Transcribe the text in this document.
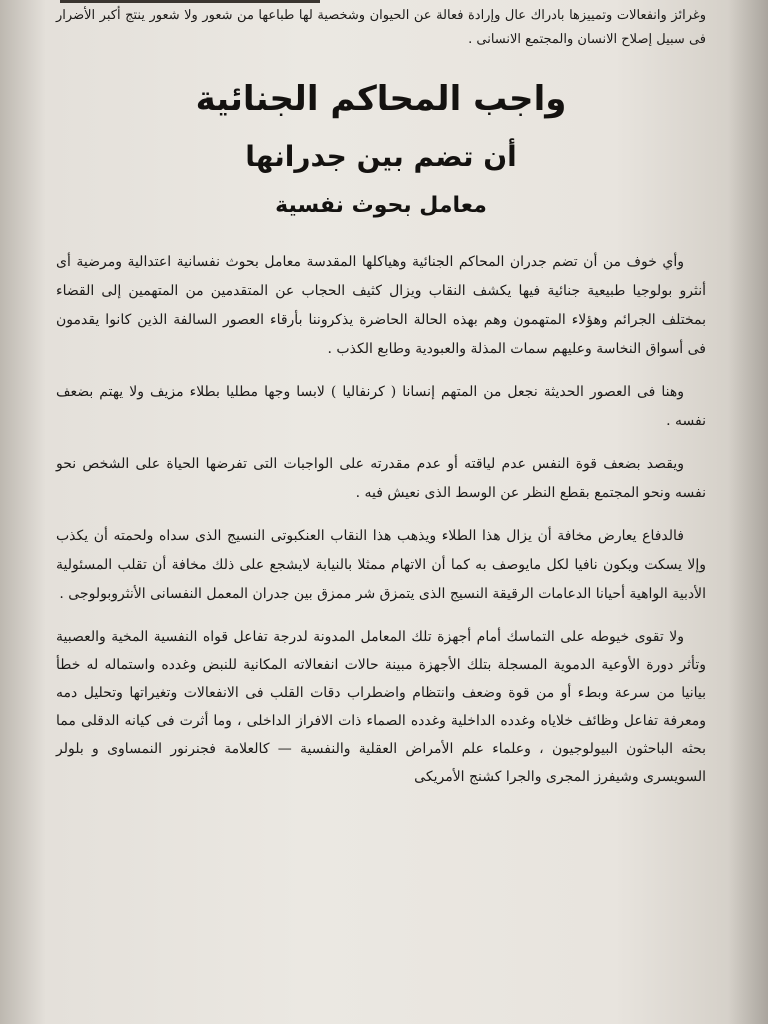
وغرائز وانفعالات وتمييزها بادراك عال وإرادة فعالة عن الحيوان وشخصية لها طباعها من شعور ولا شعور ينتج أكبر الأضرار فى سبيل إصلاح الانسان والمجتمع الانسانى .

واجب المحاكم الجنائية
أن تضم بين جدرانها
معامل بحوث نفسية

وأي خوف من أن تضم جدران المحاكم الجنائية وهياكلها المقدسة معامل بحوث نفسانية اعتدالية ومرضية أى أنثرو بولوجيا طبيعية جنائية فيها يكشف النقاب ويزال كثيف الحجاب عن المتقدمين من المتهمين إلى القضاء بمختلف الجرائم وهؤلاء المتهمون وهم بهذه الحالة الحاضرة يذكروننا بأرقاء العصور السالفة الذين كانوا يقدمون فى أسواق النخاسة وعليهم سمات المذلة والعبودية وطابع الكذب .

وهنا فى العصور الحديثة نجعل من المتهم إنسانا ( كرنفاليا ) لابسا وجها مطليا بطلاء مزيف ولا يهتم بضعف نفسه .

ويقصد بضعف قوة النفس عدم لياقته أو عدم مقدرته على الواجبات التى تفرضها الحياة على الشخص نحو نفسه ونحو المجتمع بقطع النظر عن الوسط الذى نعيش فيه .

فالدفاع يعارض مخافة أن يزال هذا الطلاء ويذهب هذا النقاب العنكبوتى النسيج الذى سداه ولحمته أن يكذب وإلا يسكت ويكون نافيا لكل مايوصف به كما أن الاتهام ممثلا بالنيابة لايشجع على ذلك مخافة أن تقلب المسئولية الأدبية الواهية أحيانا الدعامات الرقيقة النسيج الذى يتمزق شر ممزق بين جدران المعمل النفسانى الأنثروبولوجى .

ولا تقوى خيوطه على التماسك أمام أجهزة تلك المعامل المدونة لدرجة تفاعل قواه النفسية المخية والعصبية وتأثر دورة الأوعية الدموية المسجلة بتلك الأجهزة مبينة حالات انفعالاته المكانية للنبض وغدده واستماله له خطأ بيانيا من سرعة وبطء أو من قوة وضعف وانتظام واضطراب دقات القلب فى الانفعالات وتغيراتها وتحليل دمه ومعرفة تفاعل وظائف خلاياه وغدده الداخلية وغدده الصماء ذات الافراز الداخلى ، وما أثرت فى كيانه الدقلى مما بحثه الباحثون البيولوجيون ، وعلماء علم الأمراض العقلية والنفسية — كالعلامة فجنرنور النمساوى و بلولر السويسرى وشيفرز المجرى والجرا كشنج الأمريكى
